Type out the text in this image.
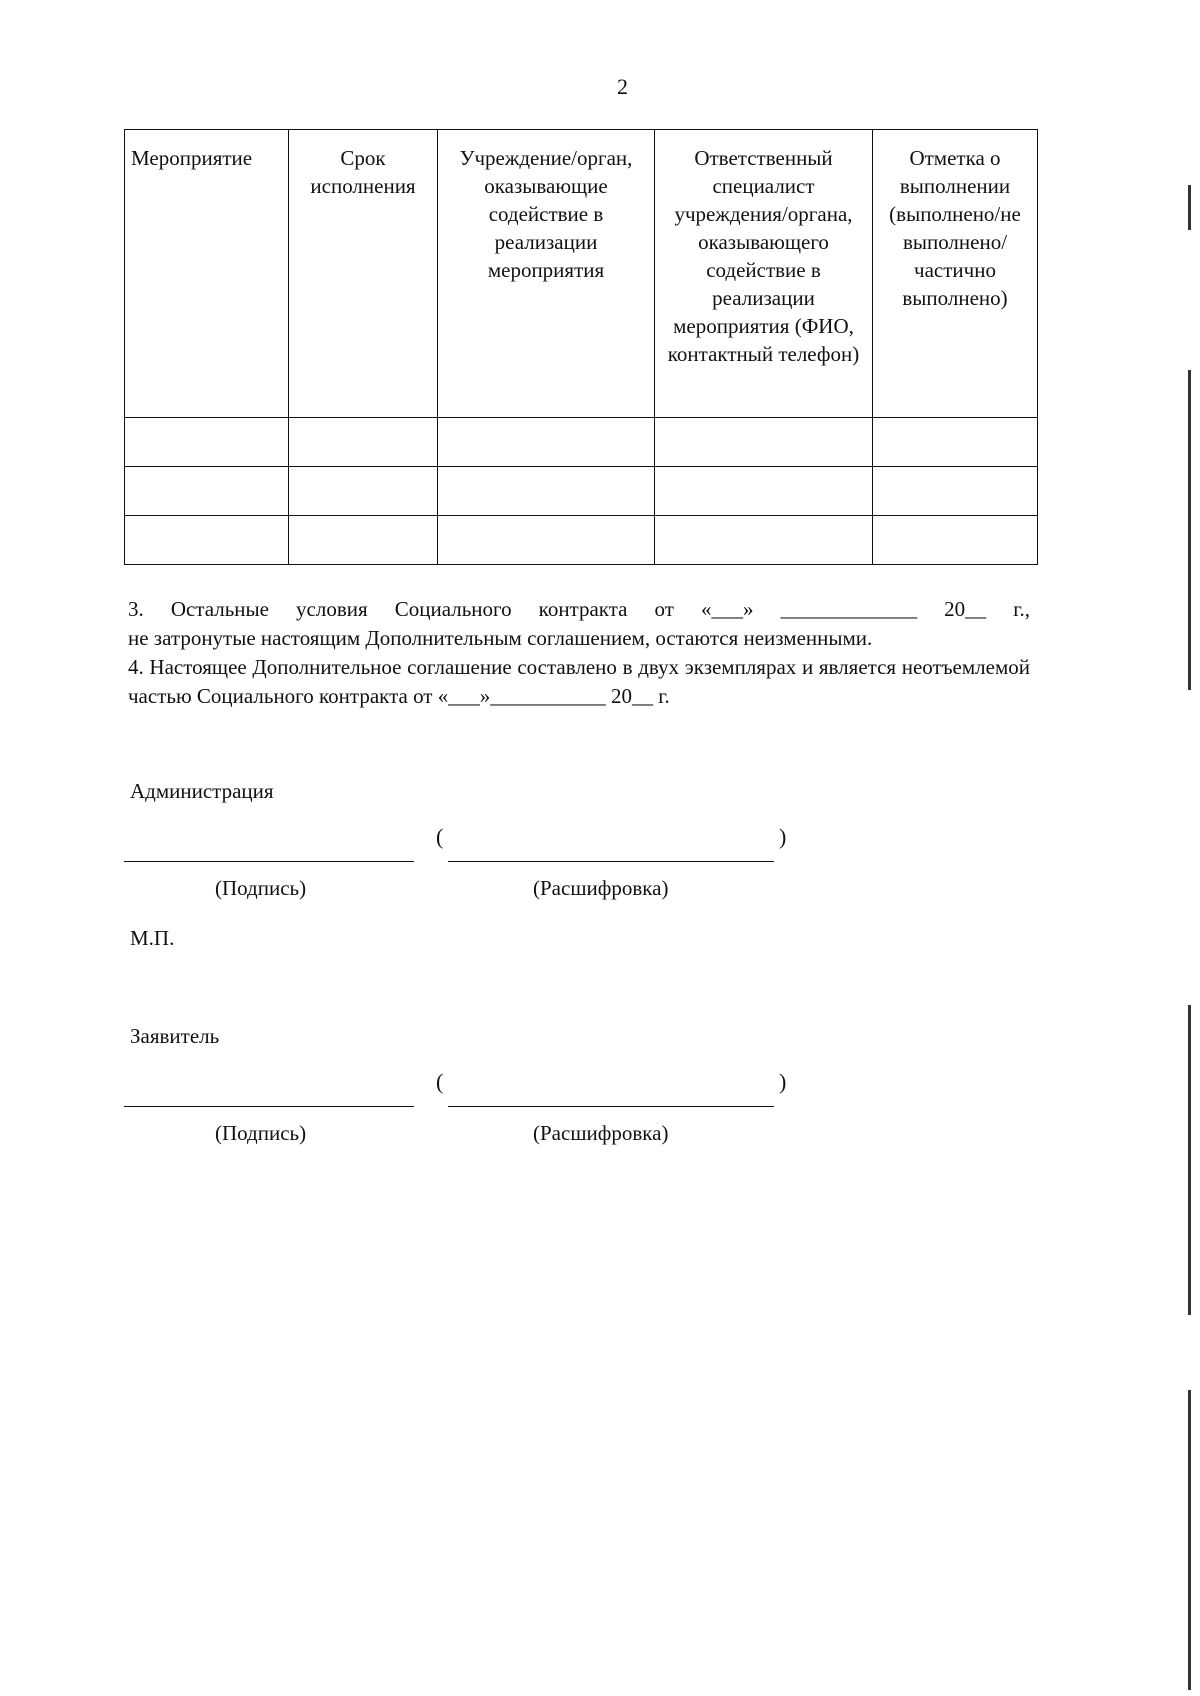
2
Мероприятие	Срок исполнения	Учреждение/орган, оказывающие содействие в реализации мероприятия	Ответственный специалист учреждения/органа, оказывающего содействие в реализации мероприятия (ФИО, контактный телефон)	Отметка о выполнении (выполнено/не выполнено/частично выполнено)

3. Остальные условия Социального контракта от «___» _____________ 20__ г.,

не затронутые настоящим Дополнительным соглашением, остаются неизменными.

4. Настоящее Дополнительное соглашение составлено в двух экземплярах и является неотъемлемой частью Социального контракта от «___»___________ 20__ г.

Администрация
(	)
(Подпись)	(Расшифровка)
М.П.
Заявитель
(	)
(Подпись)	(Расшифровка)
